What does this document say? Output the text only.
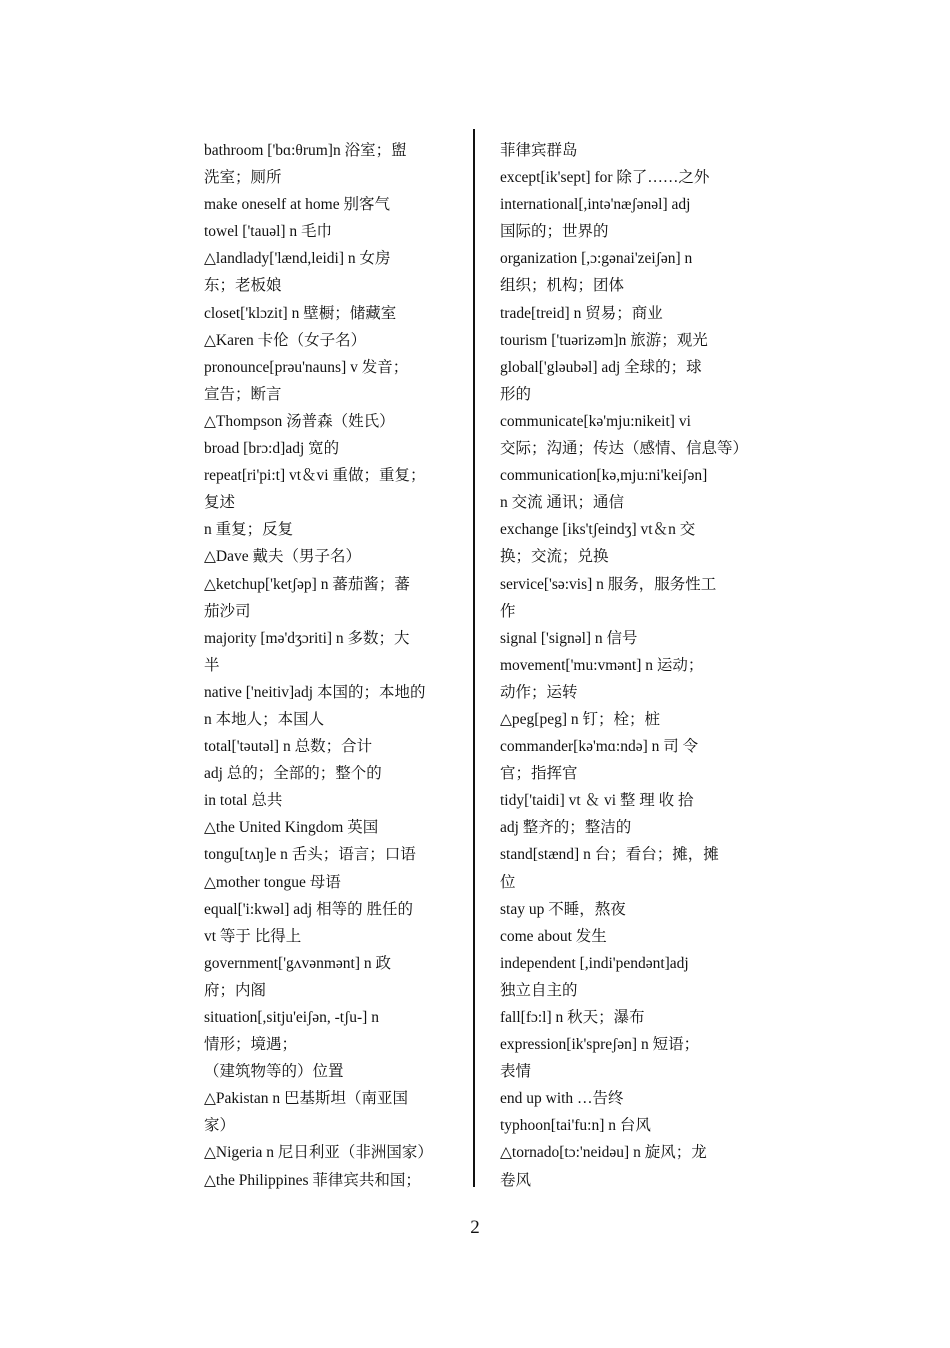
bathroom ['bɑ:θrum]n 浴室；盥
洗室；厕所
make oneself at home 别客气
towel ['tauəl] n 毛巾
△landlady['lænd,leidi] n 女房
东；老板娘
closet['klɔzit] n 壁橱；储藏室
△Karen 卡伦（女子名）
pronounce[prəu'nauns] v 发音；
宣告；断言
△Thompson 汤普森（姓氏）
broad [brɔ:d]adj 宽的
repeat[ri'pi:t] vt＆vi 重做；重复；
复述
n 重复；反复
△Dave 戴夫（男子名）
△ketchup['ketʃəp] n 蕃茄酱；蕃
茄沙司
majority [mə'dʒɔriti] n 多数；大
半
native ['neitiv]adj 本国的；本地的
n 本地人；本国人
total['təutəl] n 总数；合计
adj 总的；全部的；整个的
in total 总共
△the United Kingdom 英国
tongu[tʌŋ]e n 舌头；语言；口语
△mother tongue 母语
equal['i:kwəl] adj 相等的 胜任的
vt 等于 比得上
government['gʌvənmənt] n 政
府；内阁
situation[,sitju'eiʃən, -tʃu-] n
情形；境遇；
（建筑物等的）位置
△Pakistan n 巴基斯坦（南亚国
家）
△Nigeria n 尼日利亚（非洲国家）
△the Philippines 菲律宾共和国；
菲律宾群岛
except[ik'sept] for 除了……之外
international[,intə'næʃənəl] adj
国际的；世界的
organization [,ɔ:gənai'zeiʃən] n
组织；机构；团体
trade[treid] n 贸易；商业
tourism ['tuərizəm]n 旅游；观光
global['gləubəl] adj 全球的；球
形的
communicate[kə'mju:nikeit] vi
交际；沟通；传达（感情、信息等）
communication[kə,mju:ni'keiʃən]
n 交流 通讯；通信
exchange [iks'tʃeindʒ] vt＆n 交
换；交流；兑换
service['sə:vis] n 服务，服务性工
作
signal ['signəl] n 信号
movement['mu:vmənt] n 运动；
动作；运转
△peg[peg] n 钉；栓；桩
commander[kə'mɑ:ndə] n 司 令
官；指挥官
tidy['taidi] vt ＆ vi 整 理 收 拾
adj 整齐的；整洁的
stand[stænd] n 台；看台；摊，摊
位
stay up 不睡，熬夜
come about 发生
independent [,indi'pendənt]adj
独立自主的
fall[fɔ:l] n 秋天；瀑布
expression[ik'spreʃən] n 短语；
表情
end up with …告终
typhoon[tai'fu:n] n 台风
△tornado[tɔ:'neidəu] n 旋风；龙
卷风
2
